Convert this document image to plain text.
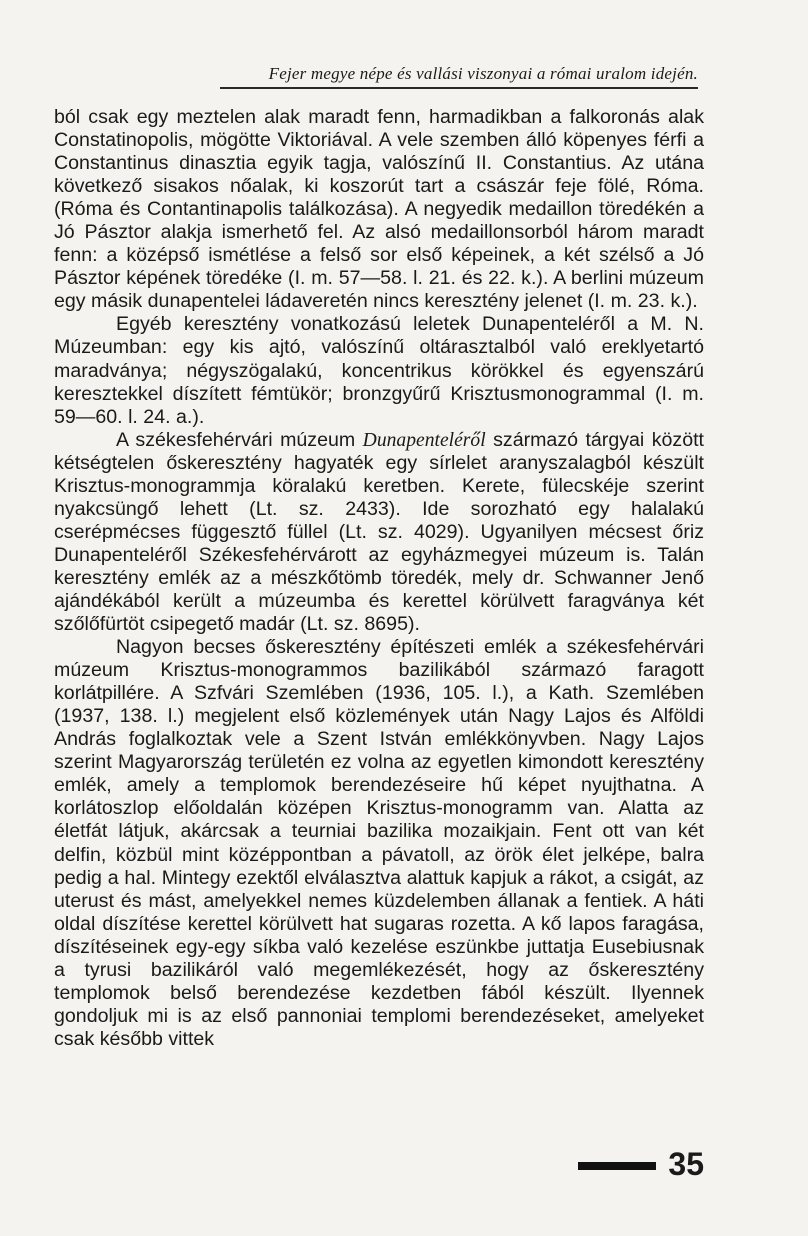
Fejer megye népe és vallási viszonyai a római uralom idején.

ból csak egy meztelen alak maradt fenn, harmadikban a falkoronás alak Constatinopolis, mögötte Viktoriával. A vele szemben álló köpenyes férfi a Constantinus dinasztia egyik tagja, valószínű II. Constantius. Az utána következő sisakos nőalak, ki koszorút tart a császár feje fölé, Róma. (Róma és Contantinapolis találkozása). A negyedik medaillon töredékén a Jó Pásztor alakja ismerhető fel. Az alsó medaillonsorból három maradt fenn: a középső ismétlése a felső sor első képeinek, a két szélső a Jó Pásztor képének töredéke (I. m. 57—58. l. 21. és 22. k.). A berlini múzeum egy másik dunapentelei ládaveretén nincs keresztény jelenet (I. m. 23. k.).

Egyéb keresztény vonatkozású leletek Dunapenteléről a M. N. Múzeumban: egy kis ajtó, valószínű oltárasztalból való ereklyetartó maradványa; négyszögalakú, koncentrikus körökkel és egyenszárú keresztekkel díszített fémtükör; bronzgyűrű Krisztusmonogrammal (I. m. 59—60. l. 24. a.).

A székesfehérvári múzeum Dunapenteléről származó tárgyai között kétségtelen őskeresztény hagyaték egy sírlelet aranyszalagból készült Krisztus-monogrammja köralakú keretben. Kerete, fülecskéje szerint nyakcsüngő lehett (Lt. sz. 2433). Ide sorozható egy halalakú cserépmécses függesztő füllel (Lt. sz. 4029). Ugyanilyen mécsest őriz Dunapenteléről Székesfehérvárott az egyházmegyei múzeum is. Talán keresztény emlék az a mészkőtömb töredék, mely dr. Schwanner Jenő ajándékából került a múzeumba és kerettel körülvett faragványa két szőlőfürtöt csipegető madár (Lt. sz. 8695).

Nagyon becses őskeresztény építészeti emlék a székesfehérvári múzeum Krisztus-monogrammos bazilikából származó faragott korlátpillére. A Szfvári Szemlében (1936, 105. l.), a Kath. Szemlében (1937, 138. l.) megjelent első közlemények után Nagy Lajos és Alföldi András foglalkoztak vele a Szent István emlékkönyvben. Nagy Lajos szerint Magyarország területén ez volna az egyetlen kimondott keresztény emlék, amely a templomok berendezéseire hű képet nyujthatna. A korlátoszlop előoldalán középen Krisztus-monogramm van. Alatta az életfát látjuk, akárcsak a teurniai bazilika mozaikjain. Fent ott van két delfin, közbül mint középpontban a pávatoll, az örök élet jelképe, balra pedig a hal. Mintegy ezektől elválasztva alattuk kapjuk a rákot, a csigát, az uterust és mást, amelyekkel nemes küzdelemben állanak a fentiek. A háti oldal díszítése kerettel körülvett hat sugaras rozetta. A kő lapos faragása, díszítéseinek egy-egy síkba való kezelése eszünkbe juttatja Eusebiusnak a tyrusi bazilikáról való megemlékezését, hogy az őskeresztény templomok belső berendezése kezdetben fából készült. Ilyennek gondoljuk mi is az első pannoniai templomi berendezéseket, amelyeket csak később vittek

35
